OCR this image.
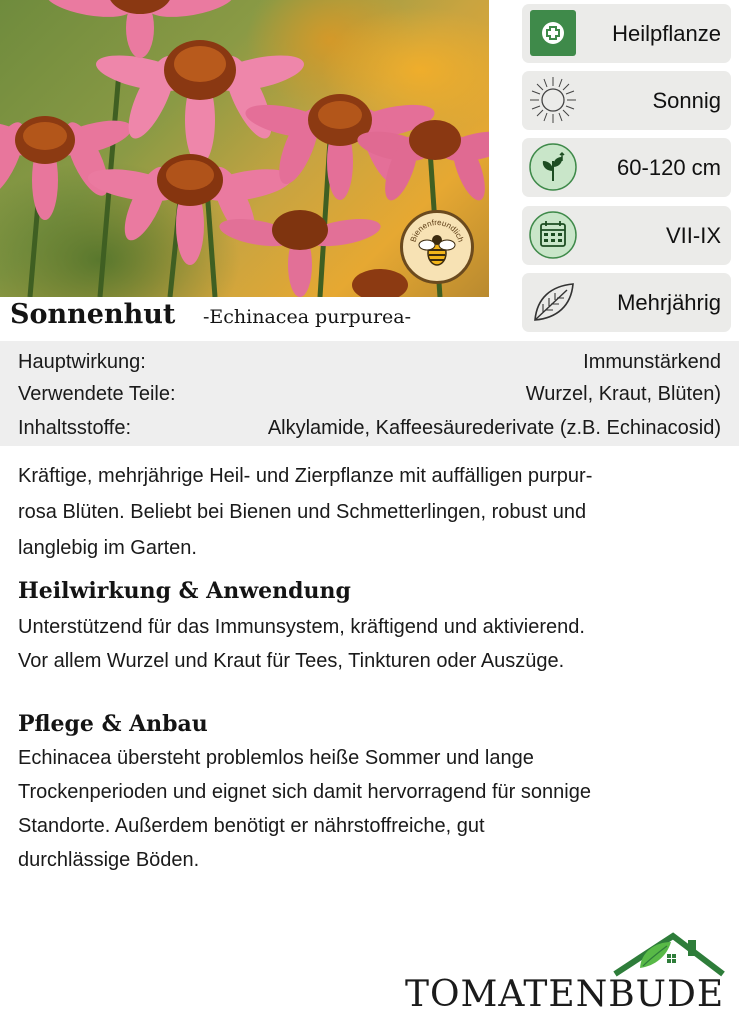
Bienenfreundlich
Heilpflanze
Sonnig
60-120 cm
VII-IX
Mehrjährig
Sonnenhut -Echinacea purpurea-
Hauptwirkung:	Immunstärkend
Verwendete Teile:	Wurzel, Kraut, Blüten)
Inhaltsstoffe:	Alkylamide, Kaffeesäurederivate (z.B. Echinacosid)
Kräftige, mehrjährige Heil- und Zierpflanze mit auffälligen purpur-
rosa Blüten. Beliebt bei Bienen und Schmetterlingen, robust und
langlebig im Garten.
Heilwirkung & Anwendung
Unterstützend für das Immunsystem, kräftigend und aktivierend.
Vor allem Wurzel und Kraut für Tees, Tinkturen oder Auszüge.
Pflege & Anbau
Echinacea übersteht problemlos heiße Sommer und lange
Trockenperioden und eignet sich damit hervorragend für sonnige
Standorte. Außerdem benötigt er nährstoffreiche, gut
durchlässige Böden.
TOMATENBUDE
